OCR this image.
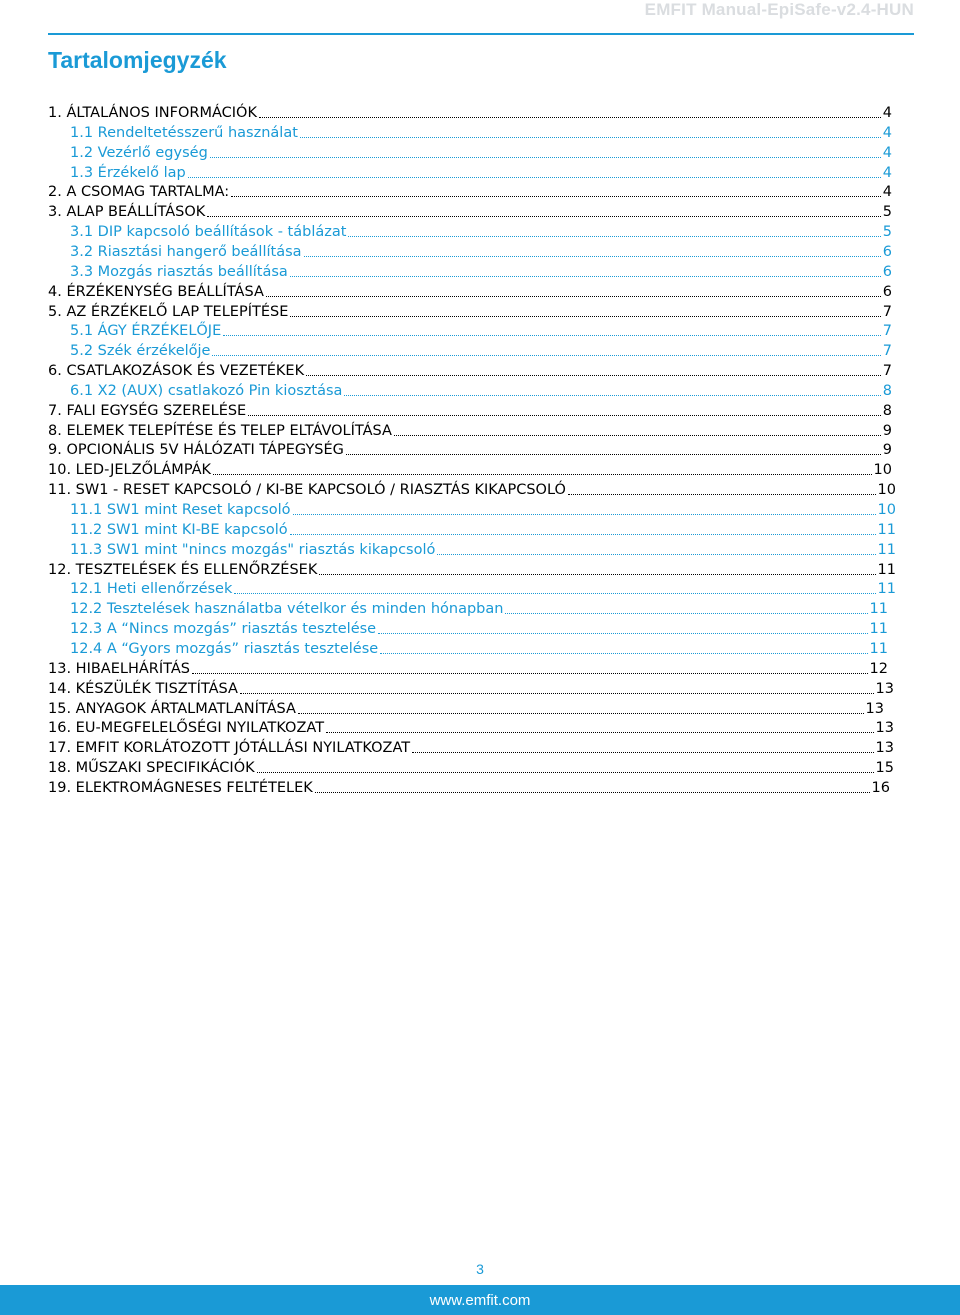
EMFIT Manual-EpiSafe-v2.4-HUN
Tartalomjegyzék
1. ÁLTALÁNOS INFORMÁCIÓK	4
1.1 Rendeltetésszerű használat	4
1.2 Vezérlő egység	4
1.3 Érzékelő lap	4
2. A CSOMAG TARTALMA:	4
3. ALAP BEÁLLÍTÁSOK	5
3.1 DIP kapcsoló beállítások - táblázat	5
3.2 Riasztási hangerő beállítása	6
3.3 Mozgás riasztás beállítása	6
4. ÉRZÉKENYSÉG BEÁLLÍTÁSA	6
5. AZ ÉRZÉKELŐ LAP TELEPÍTÉSE	7
5.1 ÁGY ÉRZÉKELŐJE	7
5.2 Szék érzékelője	7
6. CSATLAKOZÁSOK ÉS VEZETÉKEK	7
6.1 X2 (AUX) csatlakozó Pin kiosztása	8
7. FALI EGYSÉG SZERELÉSE	8
8. ELEMEK TELEPÍTÉSE ÉS TELEP ELTÁVOLÍTÁSA	9
9. OPCIONÁLIS 5V HÁLÓZATI TÁPEGYSÉG	9
10. LED-JELZŐLÁMPÁK	10
11. SW1 - RESET KAPCSOLÓ / KI-BE KAPCSOLÓ / RIASZTÁS KIKAPCSOLÓ	10
11.1 SW1 mint Reset kapcsoló	10
11.2 SW1 mint KI-BE kapcsoló	11
11.3 SW1 mint "nincs mozgás" riasztás kikapcsoló	11
12. TESZTELÉSEK ÉS ELLENŐRZÉSEK	11
12.1 Heti ellenőrzések	11
12.2 Tesztelések használatba vételkor és minden hónapban	11
12.3 A “Nincs mozgás” riasztás tesztelése	11
12.4 A “Gyors mozgás” riasztás tesztelése	11
13. HIBAELHÁRÍTÁS	12
14. KÉSZÜLÉK TISZTÍTÁSA	13
15. ANYAGOK ÁRTALMATLANÍTÁSA	13
16. EU-MEGFELELŐSÉGI NYILATKOZAT	13
17. EMFIT KORLÁTOZOTT JÓTÁLLÁSI NYILATKOZAT	13
18. MŰSZAKI SPECIFIKÁCIÓK	15
19. ELEKTROMÁGNESES FELTÉTELEK	16
3
www.emfit.com
